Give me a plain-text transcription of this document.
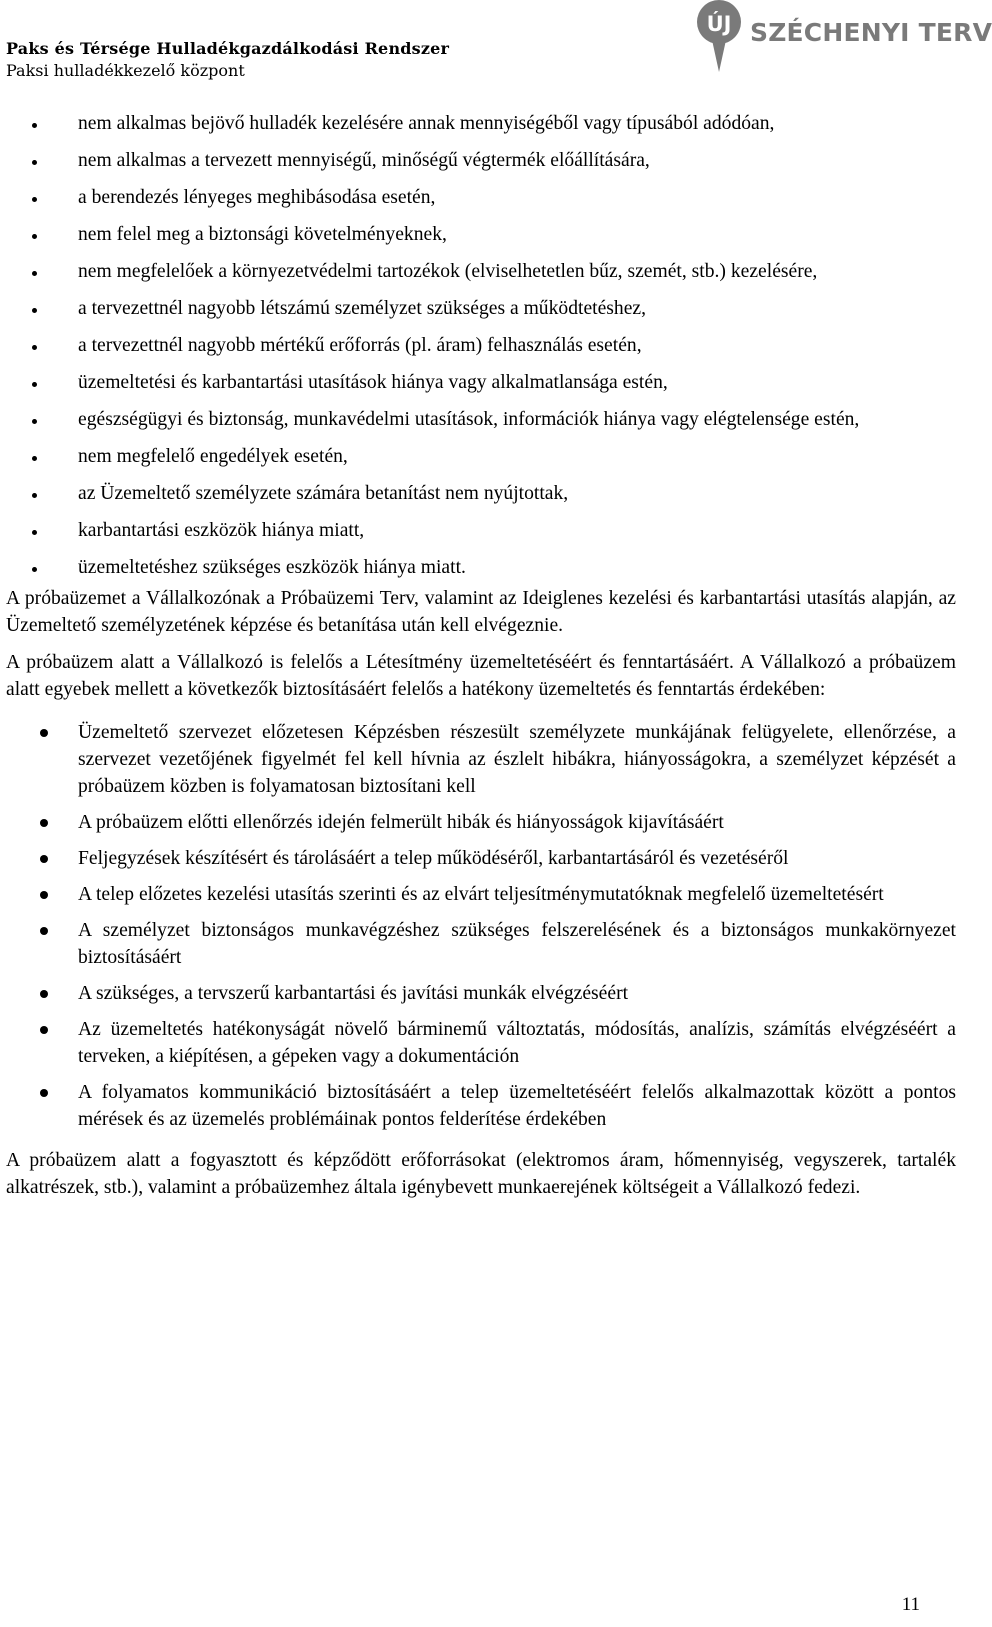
Paks és Térsége Hulladékgazdálkodási Rendszer
Paksi hulladékkezelő központ
ÚJ SZÉCHENYI TERV
nem alkalmas bejövő hulladék kezelésére annak mennyiségéből vagy típusából adódóan,
nem alkalmas a tervezett mennyiségű, minőségű végtermék előállítására,
a berendezés lényeges meghibásodása esetén,
nem felel meg a biztonsági követelményeknek,
nem megfelelőek a környezetvédelmi tartozékok (elviselhetetlen bűz, szemét, stb.) kezelésére,
a tervezettnél nagyobb létszámú személyzet szükséges a működtetéshez,
a tervezettnél nagyobb mértékű erőforrás (pl. áram) felhasználás esetén,
üzemeltetési és karbantartási utasítások hiánya vagy alkalmatlansága estén,
egészségügyi és biztonság, munkavédelmi utasítások, információk hiánya vagy elégtelensége estén,
nem megfelelő engedélyek esetén,
az Üzemeltető személyzete számára betanítást nem nyújtottak,
karbantartási eszközök hiánya miatt,
üzemeltetéshez szükséges eszközök hiánya miatt.

A próbaüzemet a Vállalkozónak a Próbaüzemi Terv, valamint az Ideiglenes kezelési és karbantartási utasítás alapján, az Üzemeltető személyzetének képzése és betanítása után kell elvégeznie.

A próbaüzem alatt a Vállalkozó is felelős a Létesítmény üzemeltetéséért és fenntartásáért. A Vállalkozó a próbaüzem alatt egyebek mellett a következők biztosításáért felelős a hatékony üzemeltetés és fenntartás érdekében:

Üzemeltető szervezet előzetesen Képzésben részesült személyzete munkájának felügyelete, ellenőrzése, a szervezet vezetőjének figyelmét fel kell hívnia az észlelt hibákra, hiányosságokra, a személyzet képzését a próbaüzem közben is folyamatosan biztosítani kell
A próbaüzem előtti ellenőrzés idején felmerült hibák és hiányosságok kijavításáért
Feljegyzések készítésért és tárolásáért a telep működéséről, karbantartásáról és vezetéséről
A telep előzetes kezelési utasítás szerinti és az elvárt teljesítménymutatóknak megfelelő üzemeltetésért
A személyzet biztonságos munkavégzéshez szükséges felszerelésének és a biztonságos munkakörnyezet biztosításáért
A szükséges, a tervszerű karbantartási és javítási munkák elvégzéséért
Az üzemeltetés hatékonyságát növelő bárminemű változtatás, módosítás, analízis, számítás elvégzéséért a terveken, a kiépítésen, a gépeken vagy a dokumentáción
A folyamatos kommunikáció biztosításáért a telep üzemeltetéséért felelős alkalmazottak között a pontos mérések és az üzemelés problémáinak pontos felderítése érdekében

A próbaüzem alatt a fogyasztott és képződött erőforrásokat (elektromos áram, hőmennyiség, vegyszerek, tartalék alkatrészek, stb.), valamint a próbaüzemhez általa igénybevett munkaerejének költségeit a Vállalkozó fedezi.

11
